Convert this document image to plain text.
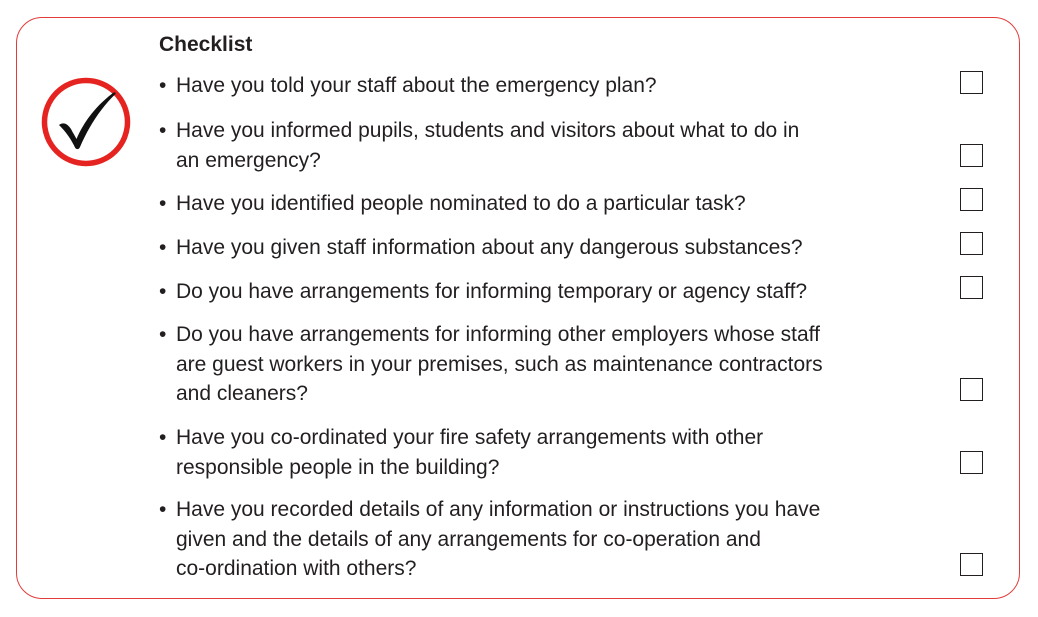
Checklist
• Have you told your staff about the emergency plan?
• Have you informed pupils, students and visitors about what to do in
an emergency?
• Have you identified people nominated to do a particular task?
• Have you given staff information about any dangerous substances?
• Do you have arrangements for informing temporary or agency staff?
• Do you have arrangements for informing other employers whose staff
are guest workers in your premises, such as maintenance contractors
and cleaners?
• Have you co-ordinated your fire safety arrangements with other
responsible people in the building?
• Have you recorded details of any information or instructions you have
given and the details of any arrangements for co-operation and
co-ordination with others?
